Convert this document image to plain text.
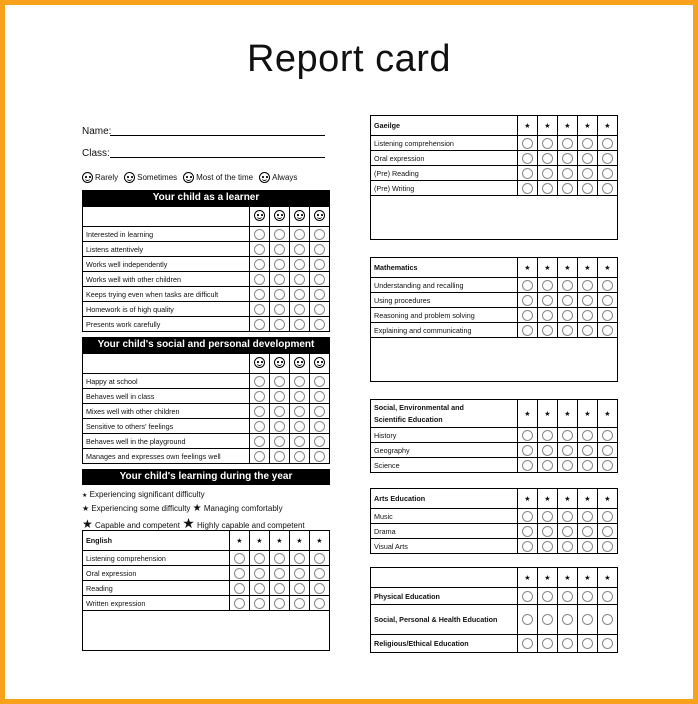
Report card
Name:
Class:
Rarely Sometimes Most of the time Always
Your child as a learner

Interested in learning				
Listens attentively				
Works well independently				
Works well with other children				
Keeps trying even when tasks are difficult				
Homework is of high quality				
Presents work carefully				
Your child's social and personal development

Happy at school				
Behaves well in class				
Mixes well with other children				
Sensitive to others' feelings				
Behaves well in the playground				
Manages and expresses own feelings well				
Your child's learning during the year
★ Experiencing significant difficulty
★ Experiencing some difficulty ★ Managing comfortably
★ Capable and competent ★ Highly capable and competent
English	★	★	★	★	★
Listening comprehension					
Oral expression					
Reading					
Written expression					
Gaeilge	★	★	★	★	★
Listening comprehension					
Oral expression					
(Pre) Reading					
(Pre) Writing					
Mathematics	★	★	★	★	★
Understanding and recalling					
Using procedures					
Reasoning and problem solving					
Explaining and communicating					
Social, Environmental and
Scientific Education	★	★	★	★	★
History					
Geography					
Science					
Arts Education	★	★	★	★	★
Music					
Drama					
Visual Arts					
	★	★	★	★	★
Physical Education					
Social, Personal & Health Education					
Religious/Ethical Education					
